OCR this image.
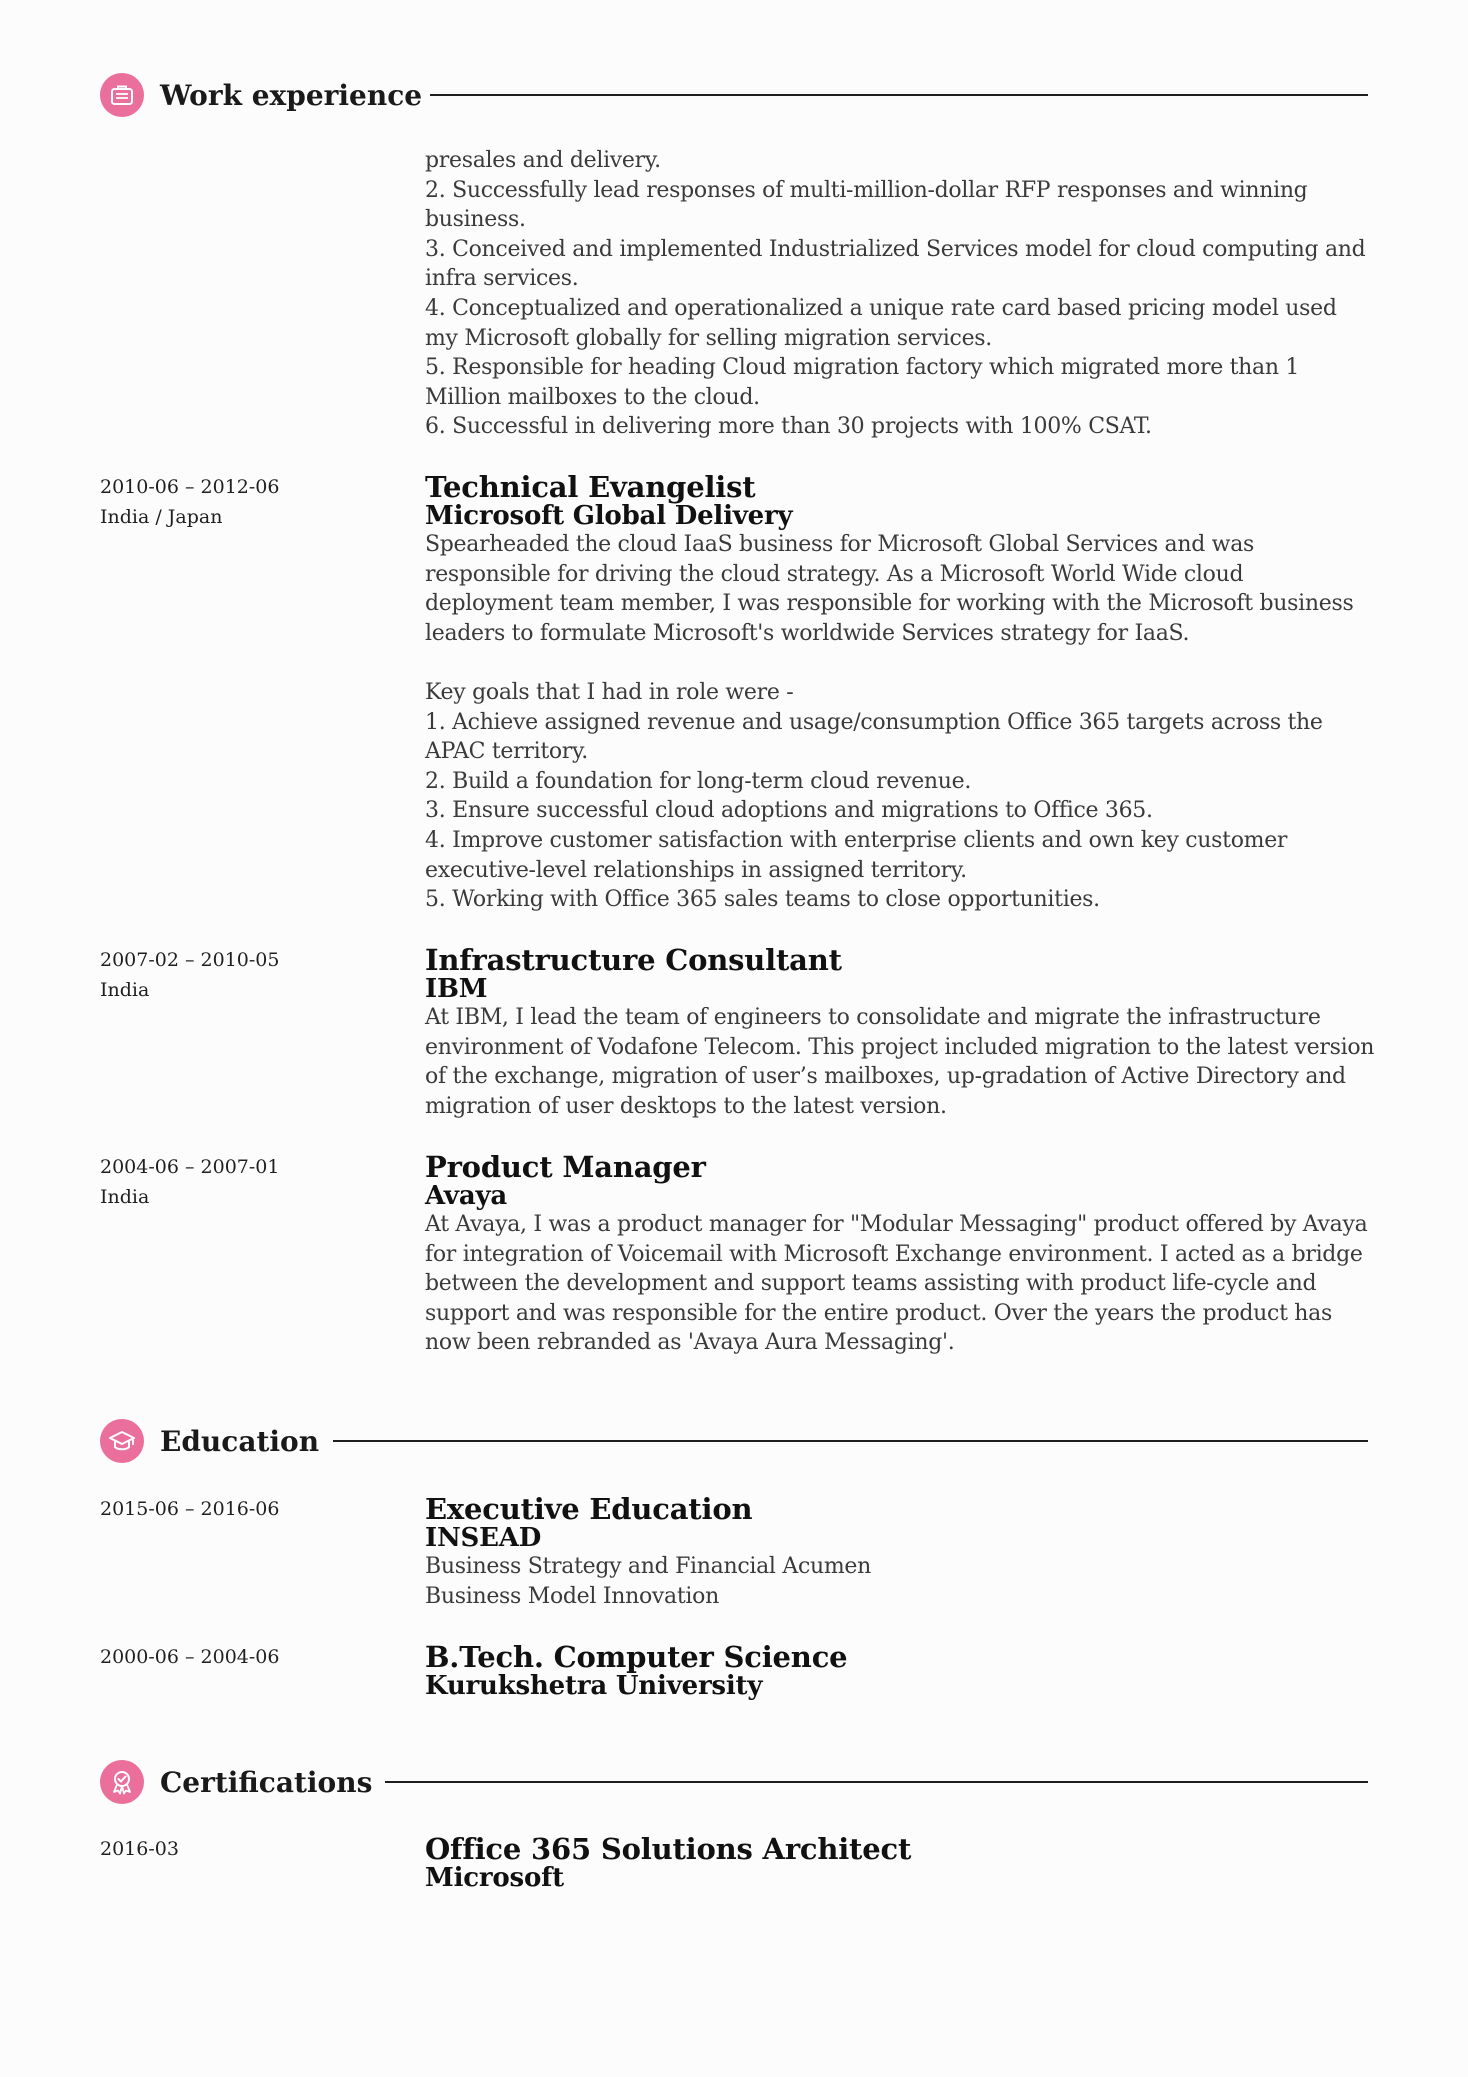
Work experience
presales and delivery.
2. Successfully lead responses of multi-million-dollar RFP responses and winning business.
3. Conceived and implemented Industrialized Services model for cloud computing and infra services.
4. Conceptualized and operationalized a unique rate card based pricing model used my Microsoft globally for selling migration services.
5. Responsible for heading Cloud migration factory which migrated more than 1 Million mailboxes to the cloud.
6. Successful in delivering more than 30 projects with 100% CSAT.
2010-06 – 2012-06
India / Japan
Technical Evangelist
Microsoft Global Delivery
Spearheaded the cloud IaaS business for Microsoft Global Services and was responsible for driving the cloud strategy. As a Microsoft World Wide cloud deployment team member, I was responsible for working with the Microsoft business leaders to formulate Microsoft's worldwide Services strategy for IaaS.

Key goals that I had in role were -
1. Achieve assigned revenue and usage/consumption Office 365 targets across the APAC territory.
2. Build a foundation for long-term cloud revenue.
3. Ensure successful cloud adoptions and migrations to Office 365.
4. Improve customer satisfaction with enterprise clients and own key customer executive-level relationships in assigned territory.
5. Working with Office 365 sales teams to close opportunities.
2007-02 – 2010-05
India
Infrastructure Consultant
IBM
At IBM, I lead the team of engineers to consolidate and migrate the infrastructure environment of Vodafone Telecom. This project included migration to the latest version of the exchange, migration of user’s mailboxes, up-gradation of Active Directory and migration of user desktops to the latest version.
2004-06 – 2007-01
India
Product Manager
Avaya
At Avaya, I was a product manager for "Modular Messaging" product offered by Avaya for integration of Voicemail with Microsoft Exchange environment. I acted as a bridge between the development and support teams assisting with product life-cycle and support and was responsible for the entire product. Over the years the product has now been rebranded as 'Avaya Aura Messaging'.
Education
2015-06 – 2016-06	Executive Education
INSEAD
Business Strategy and Financial Acumen
Business Model Innovation
2000-06 – 2004-06	B.Tech. Computer Science
Kurukshetra University
Certifications
2016-03	Office 365 Solutions Architect
Microsoft
